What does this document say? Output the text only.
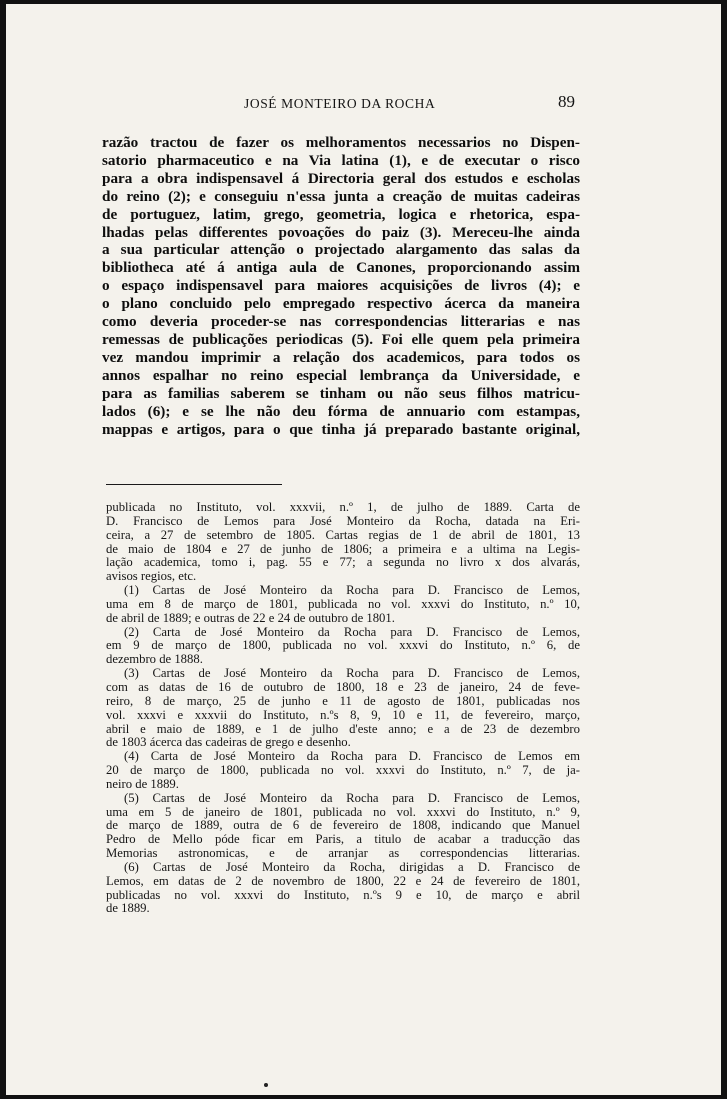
JOSÉ MONTEIRO DA ROCHA	89
razão tractou de fazer os melhoramentos necessarios no Dispen-
satorio pharmaceutico e na Via latina (1), e de executar o risco
para a obra indispensavel á Directoria geral dos estudos e escholas
do reino (2); e conseguiu n'essa junta a creação de muitas cadeiras
de portuguez, latim, grego, geometria, logica e rhetorica, espa-
lhadas pelas differentes povoações do paiz (3). Mereceu-lhe ainda
a sua particular attenção o projectado alargamento das salas da
bibliotheca até á antiga aula de Canones, proporcionando assim
o espaço indispensavel para maiores acquisições de livros (4); e
o plano concluido pelo empregado respectivo ácerca da maneira
como deveria proceder-se nas correspondencias litterarias e nas
remessas de publicações periodicas (5). Foi elle quem pela primeira
vez mandou imprimir a relação dos academicos, para todos os
annos espalhar no reino especial lembrança da Universidade, e
para as familias saberem se tinham ou não seus filhos matricu-
lados (6); e se lhe não deu fórma de annuario com estampas,
mappas e artigos, para o que tinha já preparado bastante original,
publicada no Instituto, vol. xxxvii, n.º 1, de julho de 1889. Carta de
D. Francisco de Lemos para José Monteiro da Rocha, datada na Eri-
ceira, a 27 de setembro de 1805. Cartas regias de 1 de abril de 1801, 13
de maio de 1804 e 27 de junho de 1806; a primeira e a ultima na Legis-
lação academica, tomo i, pag. 55 e 77; a segunda no livro x dos alvarás,
avisos regios, etc.
(1) Cartas de José Monteiro da Rocha para D. Francisco de Lemos,
uma em 8 de março de 1801, publicada no vol. xxxvi do Instituto, n.º 10,
de abril de 1889; e outras de 22 e 24 de outubro de 1801.
(2) Carta de José Monteiro da Rocha para D. Francisco de Lemos,
em 9 de março de 1800, publicada no vol. xxxvi do Instituto, n.º 6, de
dezembro de 1888.
(3) Cartas de José Monteiro da Rocha para D. Francisco de Lemos,
com as datas de 16 de outubro de 1800, 18 e 23 de janeiro, 24 de feve-
reiro, 8 de março, 25 de junho e 11 de agosto de 1801, publicadas nos
vol. xxxvi e xxxvii do Instituto, n.ºs 8, 9, 10 e 11, de fevereiro, março,
abril e maio de 1889, e 1 de julho d'este anno; e a de 23 de dezembro
de 1803 ácerca das cadeiras de grego e desenho.
(4) Carta de José Monteiro da Rocha para D. Francisco de Lemos em
20 de março de 1800, publicada no vol. xxxvi do Instituto, n.º 7, de ja-
neiro de 1889.
(5) Cartas de José Monteiro da Rocha para D. Francisco de Lemos,
uma em 5 de janeiro de 1801, publicada no vol. xxxvi do Instituto, n.º 9,
de março de 1889, outra de 6 de fevereiro de 1808, indicando que Manuel
Pedro de Mello póde ficar em Paris, a titulo de acabar a traducção das
Memorias astronomicas, e de arranjar as correspondencias litterarias.
(6) Cartas de José Monteiro da Rocha, dirigidas a D. Francisco de
Lemos, em datas de 2 de novembro de 1800, 22 e 24 de fevereiro de 1801,
publicadas no vol. xxxvi do Instituto, n.ºs 9 e 10, de março e abril
de 1889.
